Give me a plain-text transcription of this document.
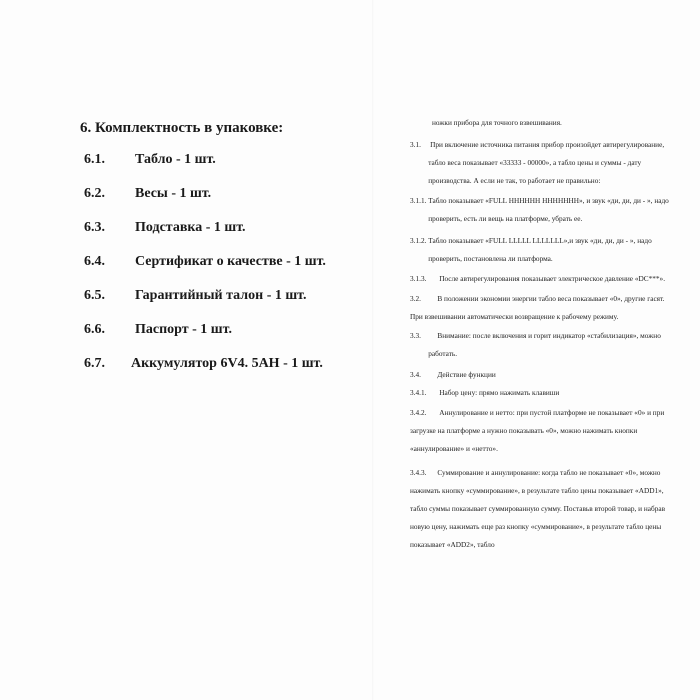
6. Комплектность в упаковке:
6.1. Табло - 1 шт.
6.2. Весы - 1 шт.
6.3. Подставка - 1 шт.
6.4. Сертификат о качестве - 1 шт.
6.5. Гарантийный талон - 1 шт.
6.6. Паспорт - 1 шт.
6.7. Аккумулятор 6V4. 5AH - 1 шт.
ножки прибора для точного взвешивания.
3.1.     При включение источника питания прибор произойдет автирегулирование,
табло веса показывает «33333 - 00000», а табло цены и суммы - дату
производства. А если не так, то работает не правильно:
3.1.1. Табло показывает «FULL НННННН ННННННН», и звук «ди, ди, ди - », надо
проверить, есть ли вещь на платформе, убрать ее.
3.1.2. Табло показывает «FULL LLLLL LLLLLLL»,и звук «ди, ди, ди - », надо
проверить, постановлена ли платформа.
3.1.3.       После автирегулирования показывает электрическое давление «DC***».
3.2.         В положении экономии энергии табло веса показывает «0», другие гасят.
При взвешивании автоматически возвращение к рабочему режиму.
3.3.         Внимание: после включения и горит индикатор «стабилизация», можно
работать.
3.4.         Действие функции
3.4.1.       Набор цену: прямо нажимать клавиши
3.4.2.       Аннулирование и нетто: при пустой платформе не показывает «0» и при
загрузке на платформе а нужно показывать «0», можно нажимать кнопки
«аннулирование» и «нетто».
3.4.3.      Суммирование и аннулирование: когда табло не показывает «0», можно
нажимать кнопку «суммирование», в результате табло цены показывает «ADD1»,
табло суммы показывает суммированную сумму. Поставьв второй товар, и набрав
новую цену, нажимать еще раз кнопку «суммирование», в результате табло цены
показывает «ADD2», табло
